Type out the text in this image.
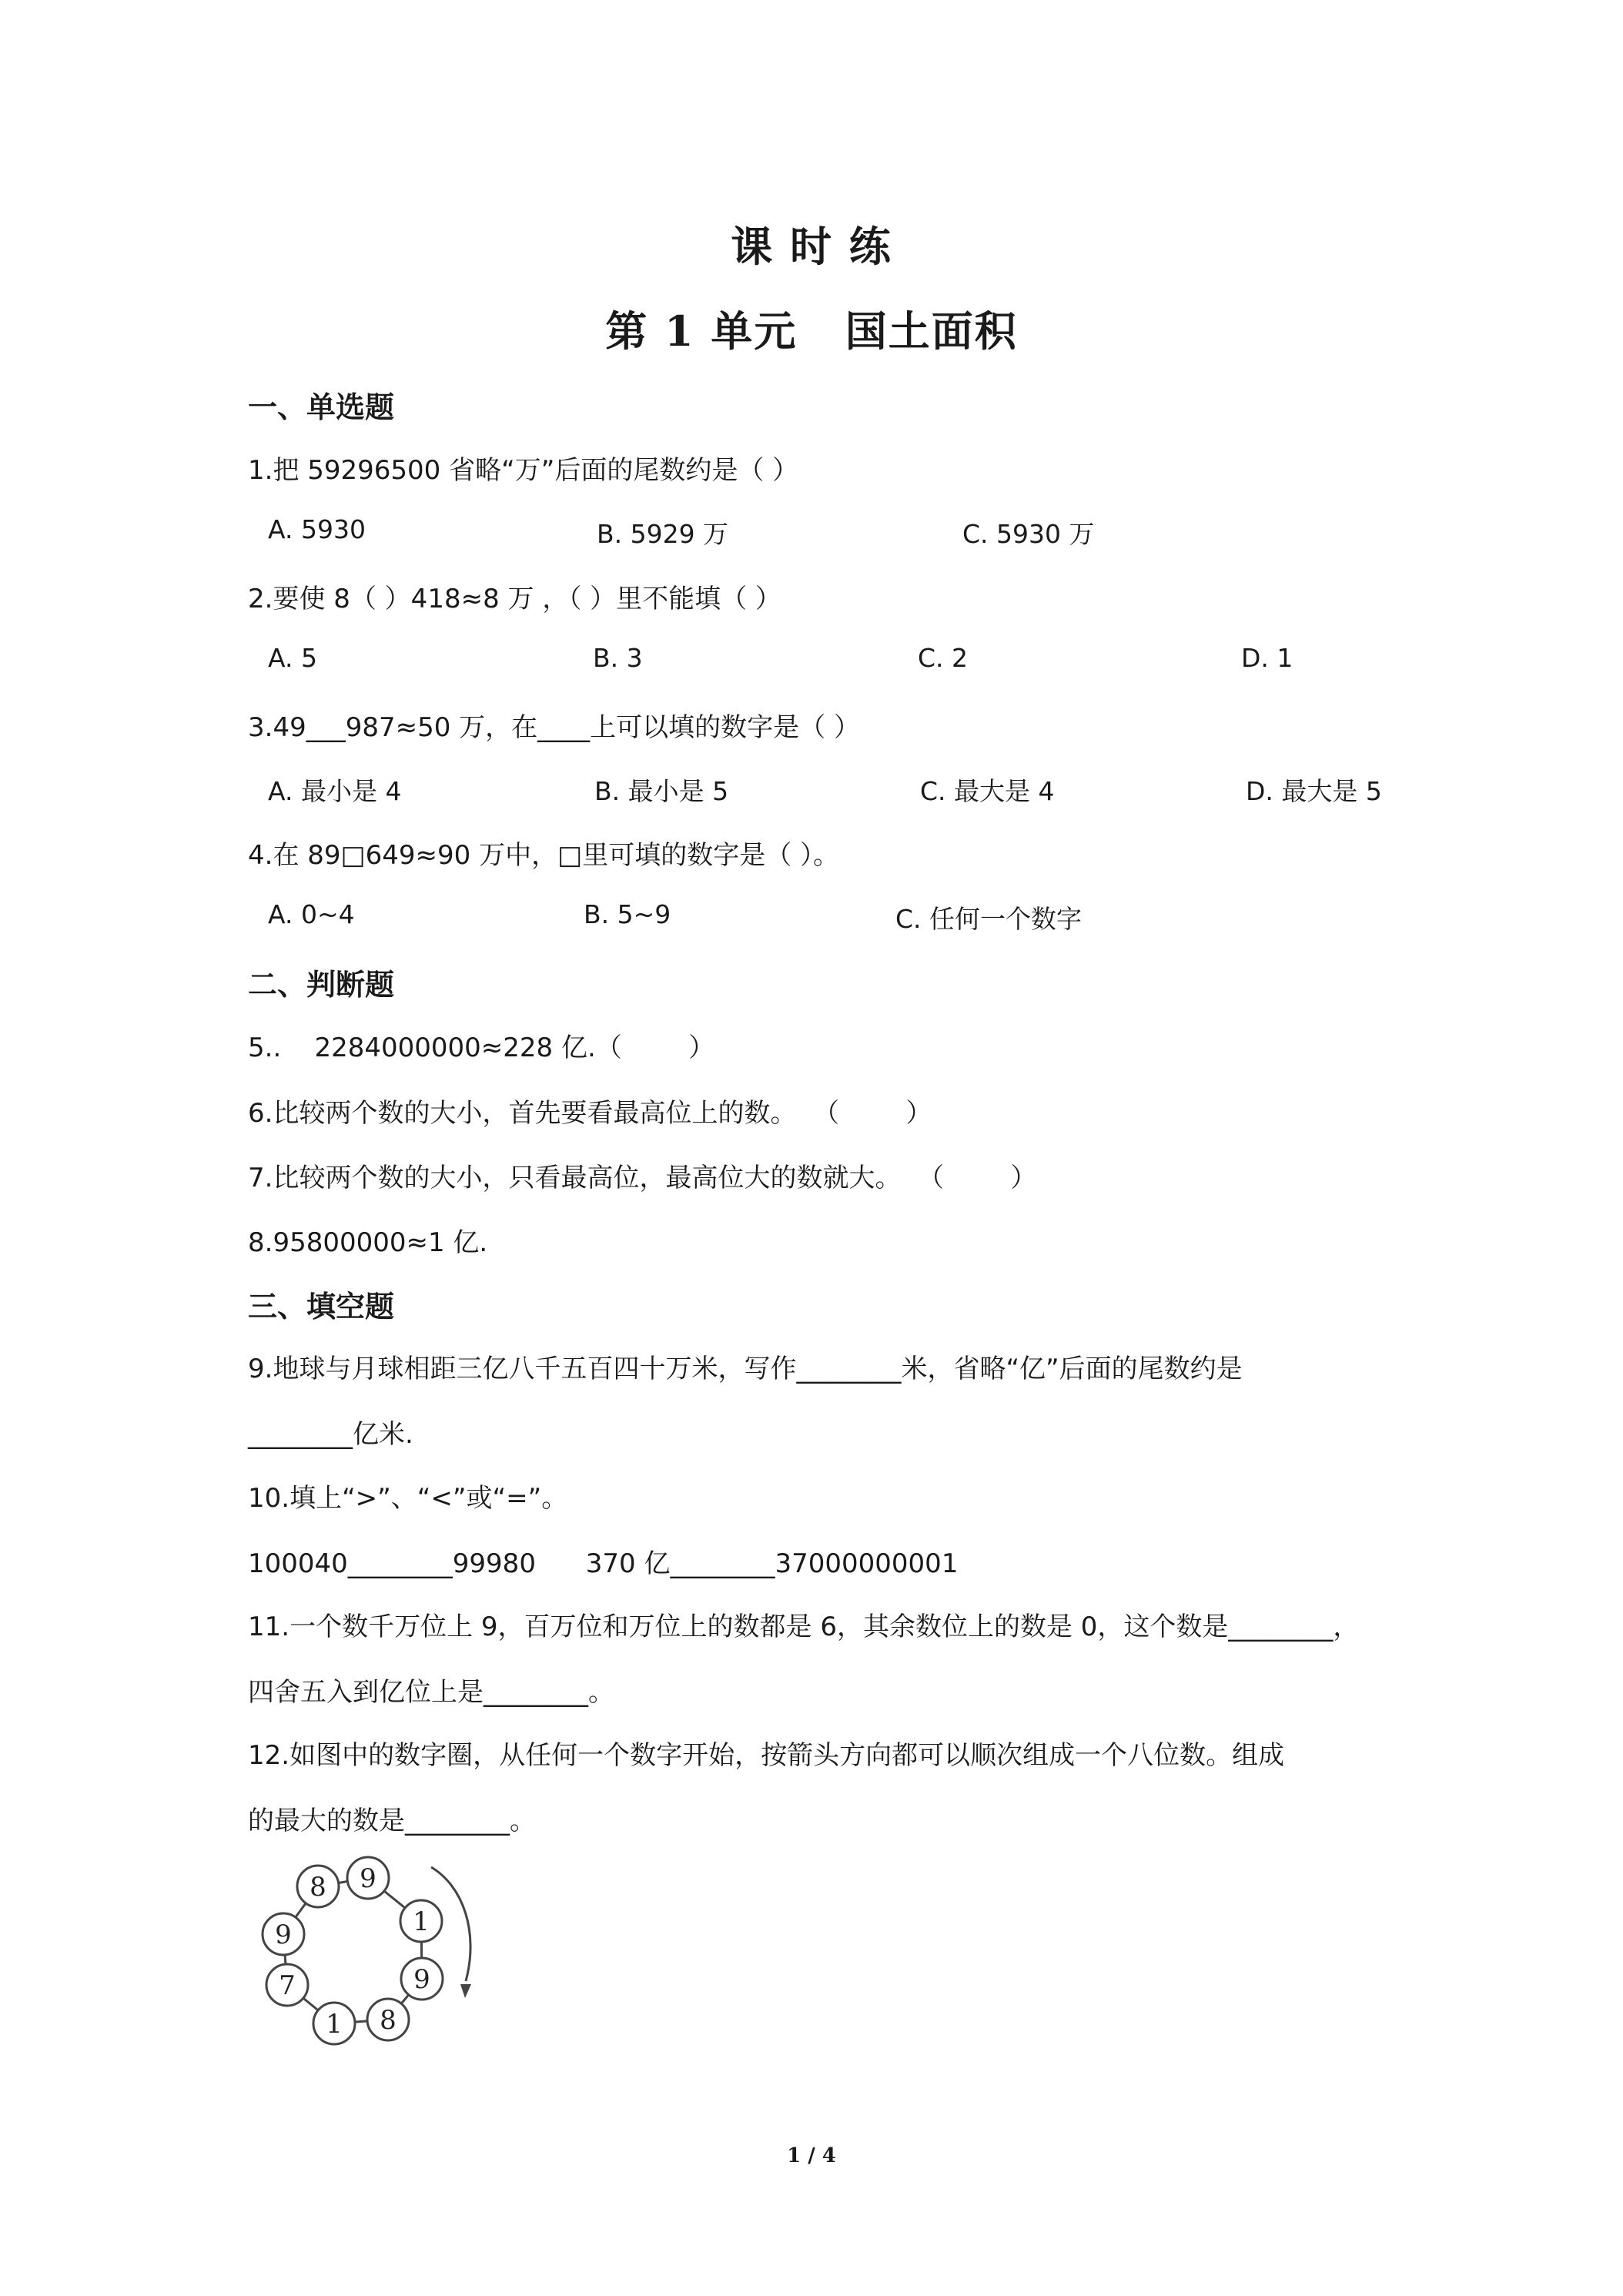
课 时 练
第 1 单元   国土面积
一、单选题
1.把 59296500 省略“万”后面的尾数约是（ ）
A. 5930	B. 5929 万	C. 5930 万
2.要使 8（ ）418≈8 万 ，（ ）里不能填（ ）
A. 5	B. 3	C. 2	D. 1
3.49___987≈50 万，在____上可以填的数字是（ ）
A. 最小是 4	B. 最小是 5	C. 最大是 4	D. 最大是 5
4.在 89□649≈90 万中，□里可填的数字是（ ）。
A. 0~4	B. 5~9	C. 任何一个数字
二、判断题
5..    2284000000≈228 亿.（        ）
6.比较两个数的大小，首先要看最高位上的数。  （        ）
7.比较两个数的大小，只看最高位，最高位大的数就大。  （        ）
8.95800000≈1 亿.
三、填空题
9.地球与月球相距三亿八千五百四十万米，写作________米，省略“亿”后面的尾数约是
________亿米.
10.填上“>”、“<”或“=”。
100040________99980      370 亿________37000000001
11.一个数千万位上 9，百万位和万位上的数都是 6，其余数位上的数是 0，这个数是________，
四舍五入到亿位上是________。
12.如图中的数字圈，从任何一个数字开始，按箭头方向都可以顺次组成一个八位数。组成
的最大的数是________。
8 9
1
9
8
1
7
9
1 / 4
